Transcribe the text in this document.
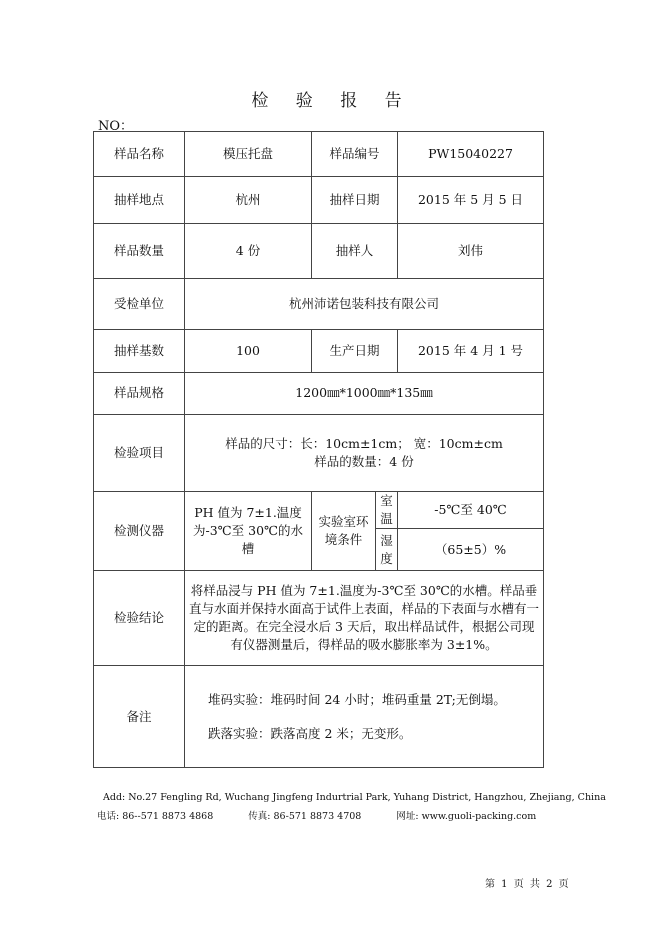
检 验 报 告
NO：
样品名称	模压托盘	样品编号		PW15040227
抽样地点	杭州	抽样日期		2015 年 5 月 5 日
样品数量	4 份	抽样人		刘伟
受检单位	杭州沛诺包装科技有限公司			
抽样基数	100	生产日期		2015 年 4 月 1 号
样品规格	1200㎜*1000㎜*135㎜			
检验项目	样品的尺寸：长：10cm±1cm； 宽：10cm±cm
样品的数量：4 份			

检测仪器	PH 值为 7±1.温度为-3℃至 30℃的水槽	实验室环境条件	室温	-5℃至 40℃
			湿度	（65±5）%
检验结论	将样品浸与 PH 值为 7±1.温度为-3℃至 30℃的水槽。样品垂直与水面并保持水面高于试件上表面，样品的下表面与水槽有一定的距离。在完全浸水后 3 天后，取出样品试件，根据公司现有仪器测量后，得样品的吸水膨胀率为 3±1%。			
备注	堆码实验：堆码时间 24 小时；堆码重量 2T;无倒塌。
跌落实验：跌落高度 2 米；无变形。			
Add: No.27 Fengling Rd, Wuchang Jingfeng Indurtrial Park, Yuhang District, Hangzhou, Zhejiang, China
电话: 86--571 8873 4868	传真: 86-571 8873 4708	网址: www.guoli-packing.com
第 1 页 共 2 页
